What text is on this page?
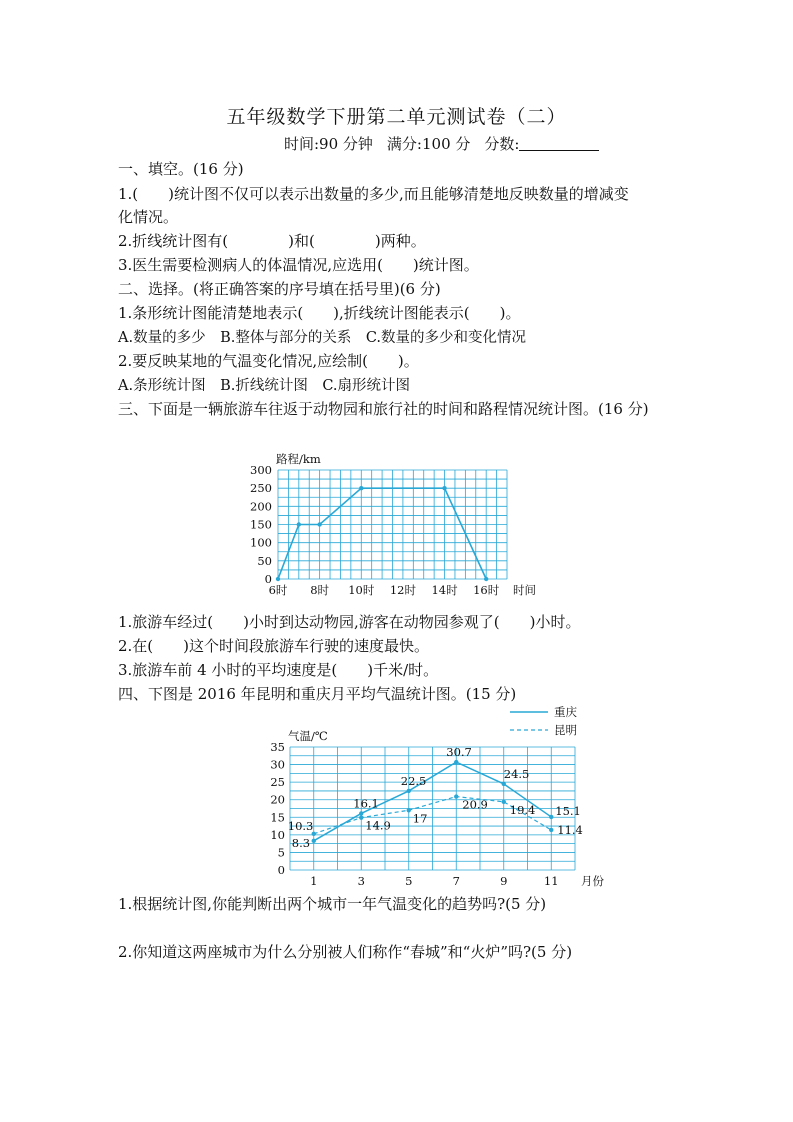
五年级数学下册第二单元测试卷（二）
时间:90 分钟 满分:100 分 分数:
一、填空。(16 分)
1.(　　)统计图不仅可以表示出数量的多少,而且能够清楚地反映数量的增减变
化情况。
2.折线统计图有(　　　　)和(　　　　)两种。
3.医生需要检测病人的体温情况,应选用(　　)统计图。
二、选择。(将正确答案的序号填在括号里)(6 分)
1.条形统计图能清楚地表示(　　),折线统计图能表示(　　)。
A.数量的多少　B.整体与部分的关系　C.数量的多少和变化情况
2.要反映某地的气温变化情况,应绘制(　　)。
A.条形统计图　B.折线统计图　C.扇形统计图
三、下面是一辆旅游车往返于动物园和旅行社的时间和路程情况统计图。(16 分)
0
50
100
150
200
250
300
6时 8时 10时 12时 14时 16时 时间
路程/km
1.旅游车经过(　　)小时到达动物园,游客在动物园参观了(　　)小时。
2.在(　　)这个时间段旅游车行驶的速度最快。
3.旅游车前 4 小时的平均速度是(　　)千米/时。
四、下图是 2016 年昆明和重庆月平均气温统计图。(15 分)
0
5
10
15
20
25
30
35
1	3	5	7	9	11 月份
气温/℃
重庆
昆明
8.3
16.1
22.5
30.7
24.5
15.1
10.3	14.9
17
20.9 19.4
11.4
1.根据统计图,你能判断出两个城市一年气温变化的趋势吗?(5 分)
2.你知道这两座城市为什么分别被人们称作“春城”和“火炉”吗?(5 分)
